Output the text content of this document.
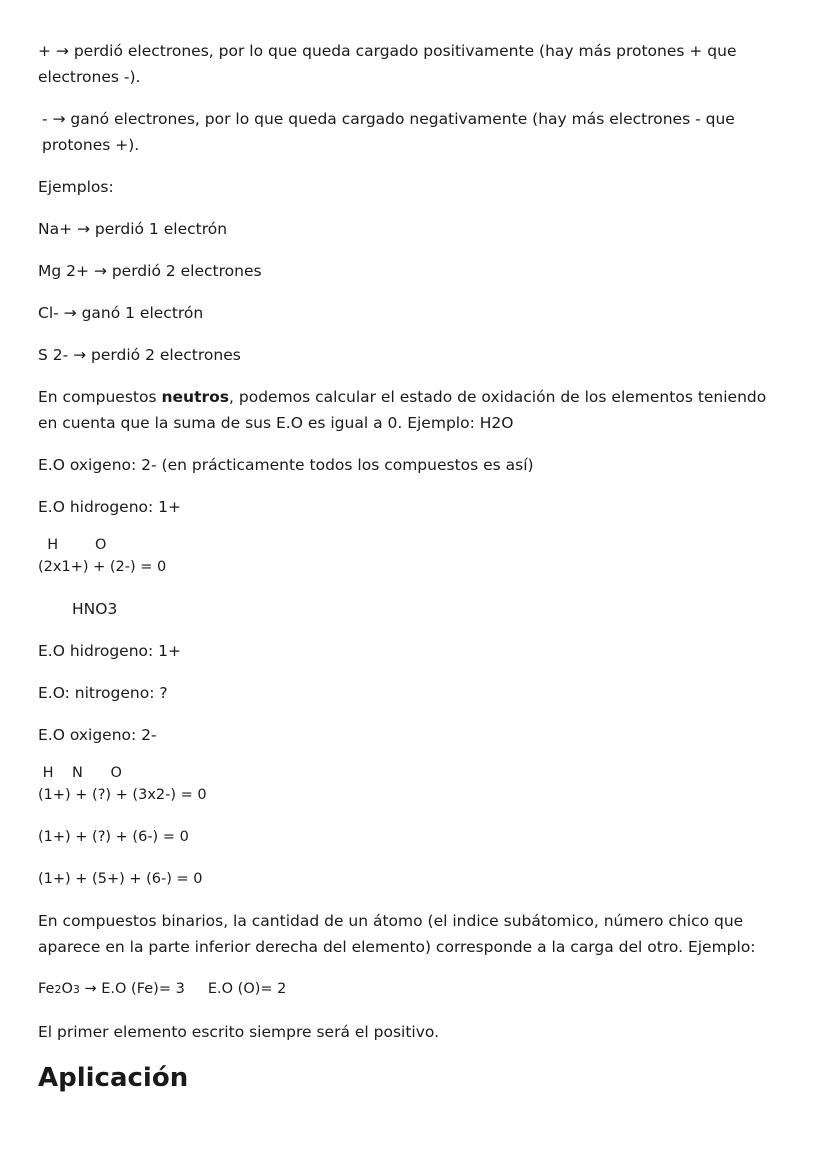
+ → perdió electrones, por lo que queda cargado positivamente (hay más protones + que electrones -).

- → ganó electrones, por lo que queda cargado negativamente (hay más electrones - que protones +).

Ejemplos:

Na+ → perdió 1 electrón

Mg 2+ → perdió 2 electrones

Cl- → ganó 1 electrón

S 2- → perdió 2 electrones

En compuestos neutros, podemos calcular el estado de oxidación de los elementos teniendo en cuenta que la suma de sus E.O es igual a 0. Ejemplo: H2O

E.O oxigeno: 2- (en prácticamente todos los compuestos es así)

E.O hidrogeno: 1+

H        O

(2x1+) + (2-) = 0

HNO3

E.O hidrogeno: 1+

E.O: nitrogeno: ?

E.O oxigeno: 2-

H    N      O

(1+) + (?) + (3x2-) = 0

(1+) + (?) + (6-) = 0

(1+) + (5+) + (6-) = 0

En compuestos binarios, la cantidad de un átomo (el indice subátomico, número chico que aparece en la parte inferior derecha del elemento) corresponde a la carga del otro. Ejemplo:

Fe2O3 → E.O (Fe)= 3     E.O (O)= 2

El primer elemento escrito siempre será el positivo.

Aplicación
